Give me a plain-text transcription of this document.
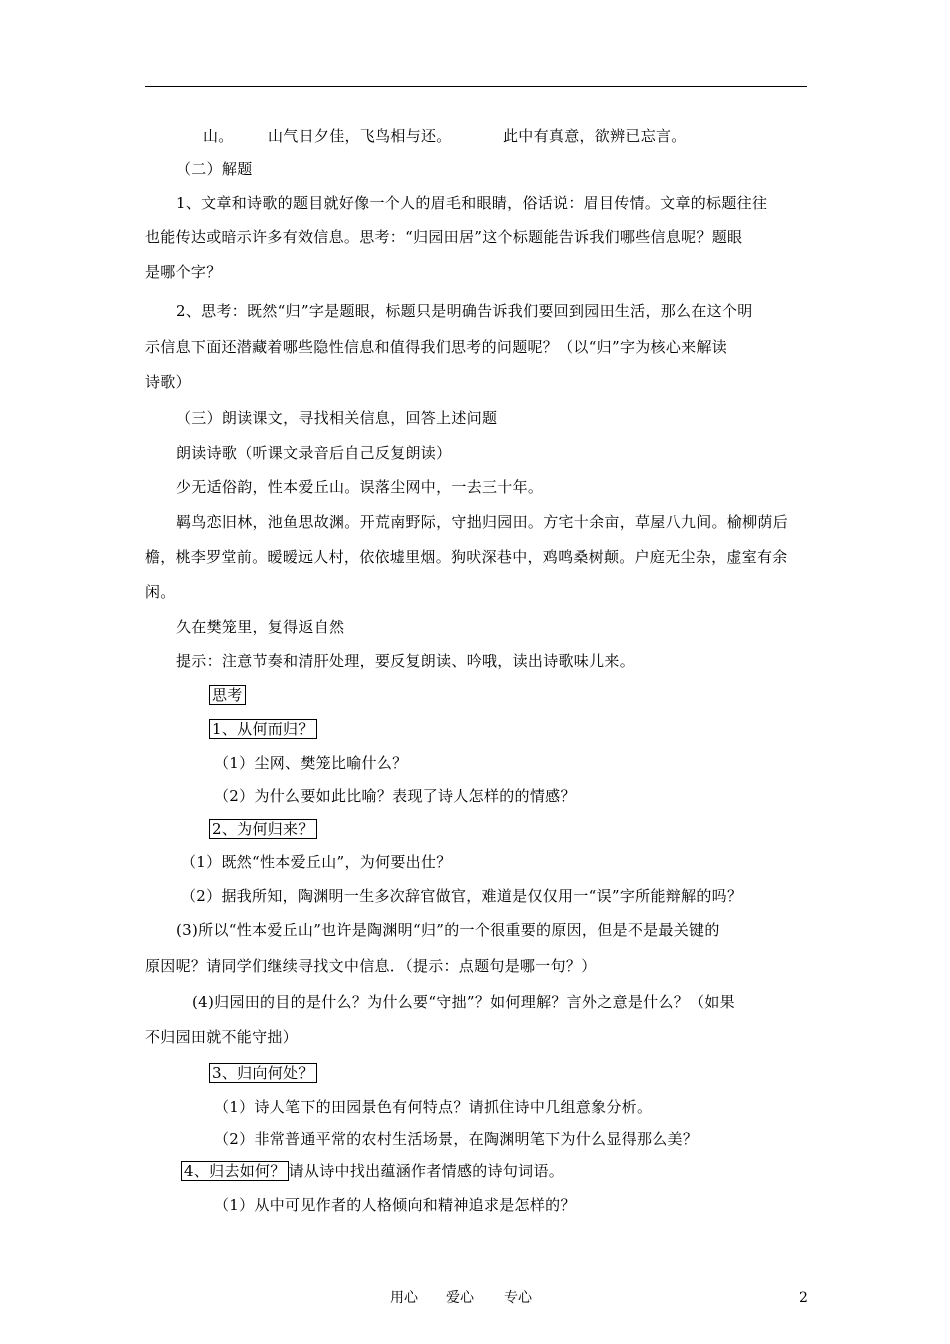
山。 山气日夕佳，飞鸟相与还。	此中有真意，欲辨已忘言。
（二）解题
1、文章和诗歌的题目就好像一个人的眉毛和眼睛，俗话说：眉目传情。文章的标题往往
也能传达或暗示许多有效信息。思考：“归园田居”这个标题能告诉我们哪些信息呢？题眼
是哪个字？
2、思考：既然“归”字是题眼，标题只是明确告诉我们要回到园田生活，那么在这个明
示信息下面还潜藏着哪些隐性信息和值得我们思考的问题呢？（以“归”字为核心来解读
诗歌）
（三）朗读课文，寻找相关信息，回答上述问题
朗读诗歌（听课文录音后自己反复朗读）
少无适俗韵，性本爱丘山。误落尘网中，一去三十年。
羁鸟恋旧林，池鱼思故渊。开荒南野际，守拙归园田。方宅十余亩，草屋八九间。榆柳荫后
檐，桃李罗堂前。暧暧远人村，依依墟里烟。狗吠深巷中，鸡鸣桑树颠。户庭无尘杂，虚室有余
闲。
久在樊笼里，复得返自然
提示：注意节奏和清肝处理，要反复朗读、吟哦，读出诗歌味儿来。
思考
1、从何而归？
（1）尘网、樊笼比喻什么？
（2）为什么要如此比喻？表现了诗人怎样的的情感？
2、为何归来？
（1）既然“性本爱丘山”，为何要出仕？
（2）据我所知，陶渊明一生多次辞官做官，难道是仅仅用一“误”字所能辩解的吗？
(3)所以“性本爱丘山”也许是陶渊明“归”的一个很重要的原因，但是不是最关键的
原因呢？请同学们继续寻找文中信息．（提示：点题句是哪一句？）
(4)归园田的目的是什么？为什么要“守拙”？如何理解？言外之意是什么？（如果
不归园田就不能守拙）
3、归向何处？
（1）诗人笔下的田园景色有何特点？请抓住诗中几组意象分析。
（2）非常普通平常的农村生活场景，在陶渊明笔下为什么显得那么美？
4、归去如何？ 请从诗中找出蕴涵作者情感的诗句词语。
（1）从中可见作者的人格倾向和精神追求是怎样的？
用心 爱心 专心	2
